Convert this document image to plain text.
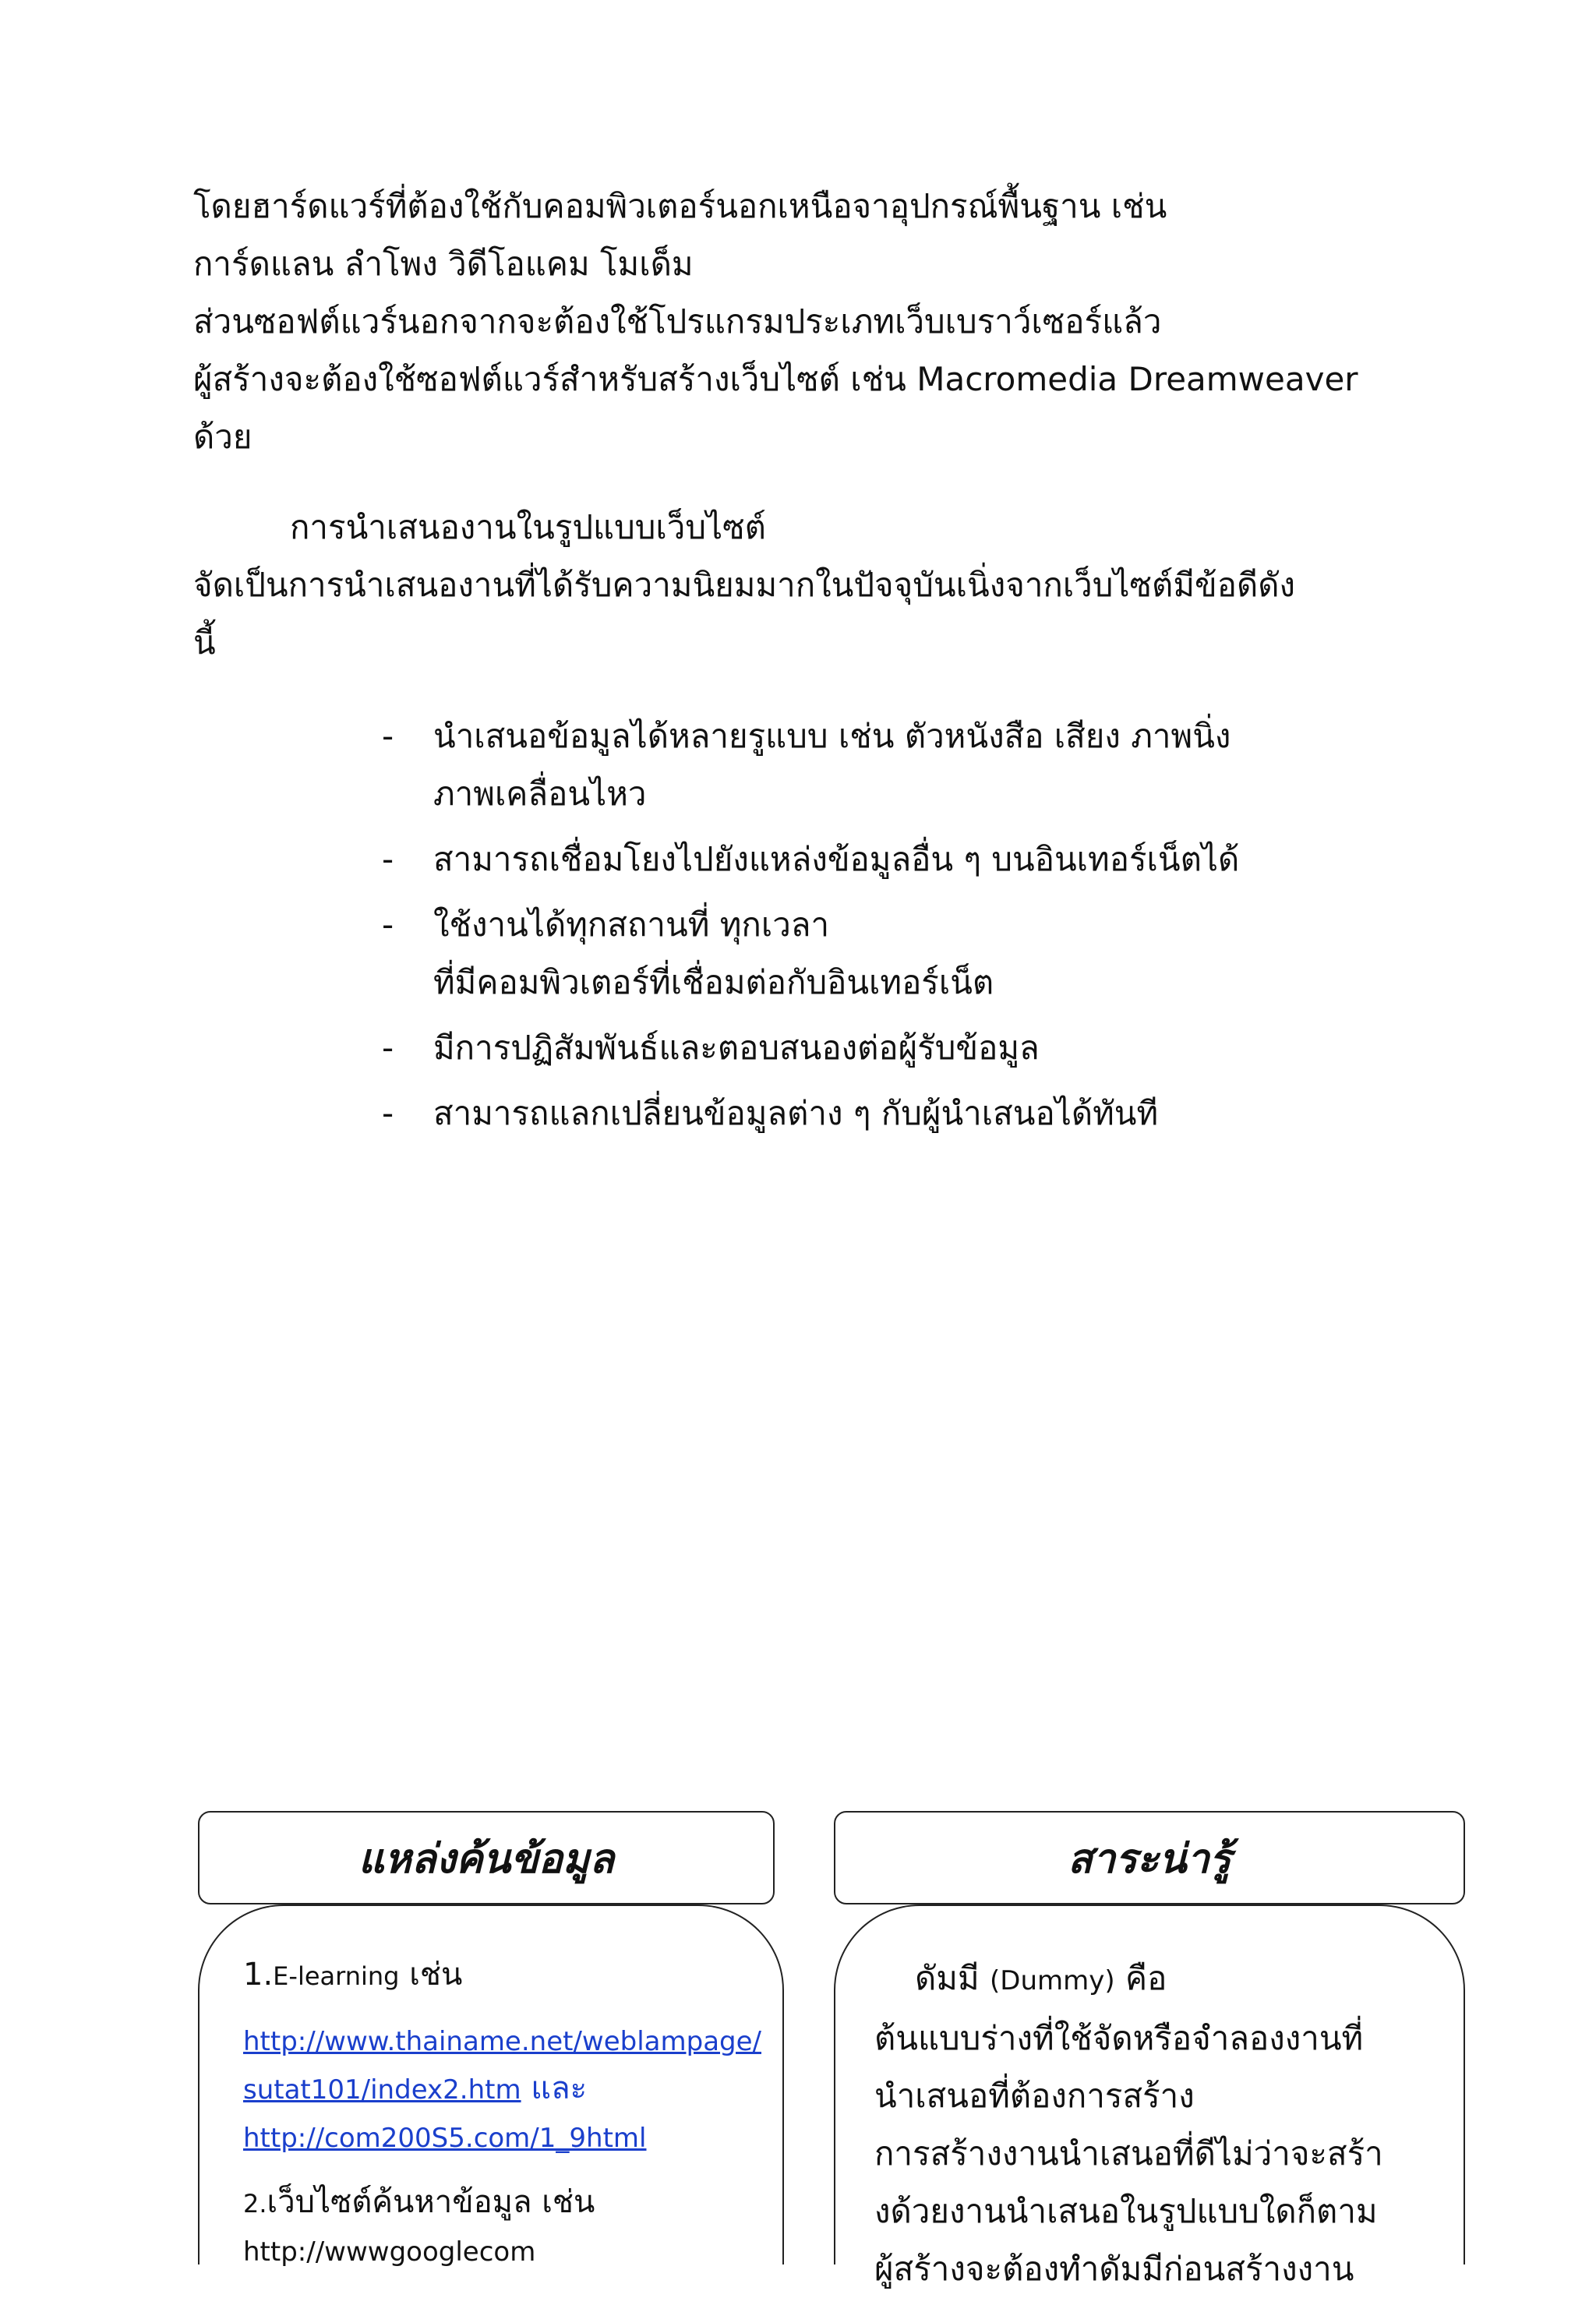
โดยฮาร์ดแวร์ที่ต้องใช้กับคอมพิวเตอร์นอกเหนือจาอุปกรณ์พื้นฐาน เช่น

การ์ดแลน ลำโพง วิดีโอแคม โมเด็ม

ส่วนซอฟต์แวร์นอกจากจะต้องใช้โปรแกรมประเภทเว็บเบราว์เซอร์แล้ว

ผู้สร้างจะต้องใช้ซอฟต์แวร์สำหรับสร้างเว็บไซต์ เช่น Macromedia Dreamweaver

ด้วย

การนำเสนองานในรูปแบบเว็บไซต์

จัดเป็นการนำเสนองานที่ได้รับความนิยมมากในปัจจุบันเนิ่งจากเว็บไซต์มีข้อดีดัง

นี้

-	นำเสนอข้อมูลได้หลายรูแบบ เช่น ตัวหนังสือ เสียง ภาพนิ่ง
ภาพเคลื่อนไหว
-	สามารถเชื่อมโยงไปยังแหล่งข้อมูลอื่น ๆ บนอินเทอร์เน็ตได้
-	ใช้งานได้ทุกสถานที่ ทุกเวลา
ที่มีคอมพิวเตอร์ที่เชื่อมต่อกับอินเทอร์เน็ต
-	มีการปฏิสัมพันธ์และตอบสนองต่อผู้รับข้อมูล
-	สามารถแลกเปลี่ยนข้อมูลต่าง ๆ กับผู้นำเสนอได้ทันที
แหล่งค้นข้อมูล

1.E-learning เช่น

http://www.thainame.net/weblampage/

sutat101/index2.htm และ

http://com200S5.com/1_9html

2.เว็บไซต์ค้นหาข้อมูล เช่น

http://wwwgooglecom

สาระน่ารู้
ดัมมี (Dummy) คือ
ต้นแบบร่างที่ใช้จัดหรือจำลองงานที่
นำเสนอที่ต้องการสร้าง
การสร้างงานนำเสนอที่ดีไม่ว่าจะสร้า
งด้วยงานนำเสนอในรูปแบบใดก็ตาม
ผู้สร้างจะต้องทำดัมมีก่อนสร้างงาน
